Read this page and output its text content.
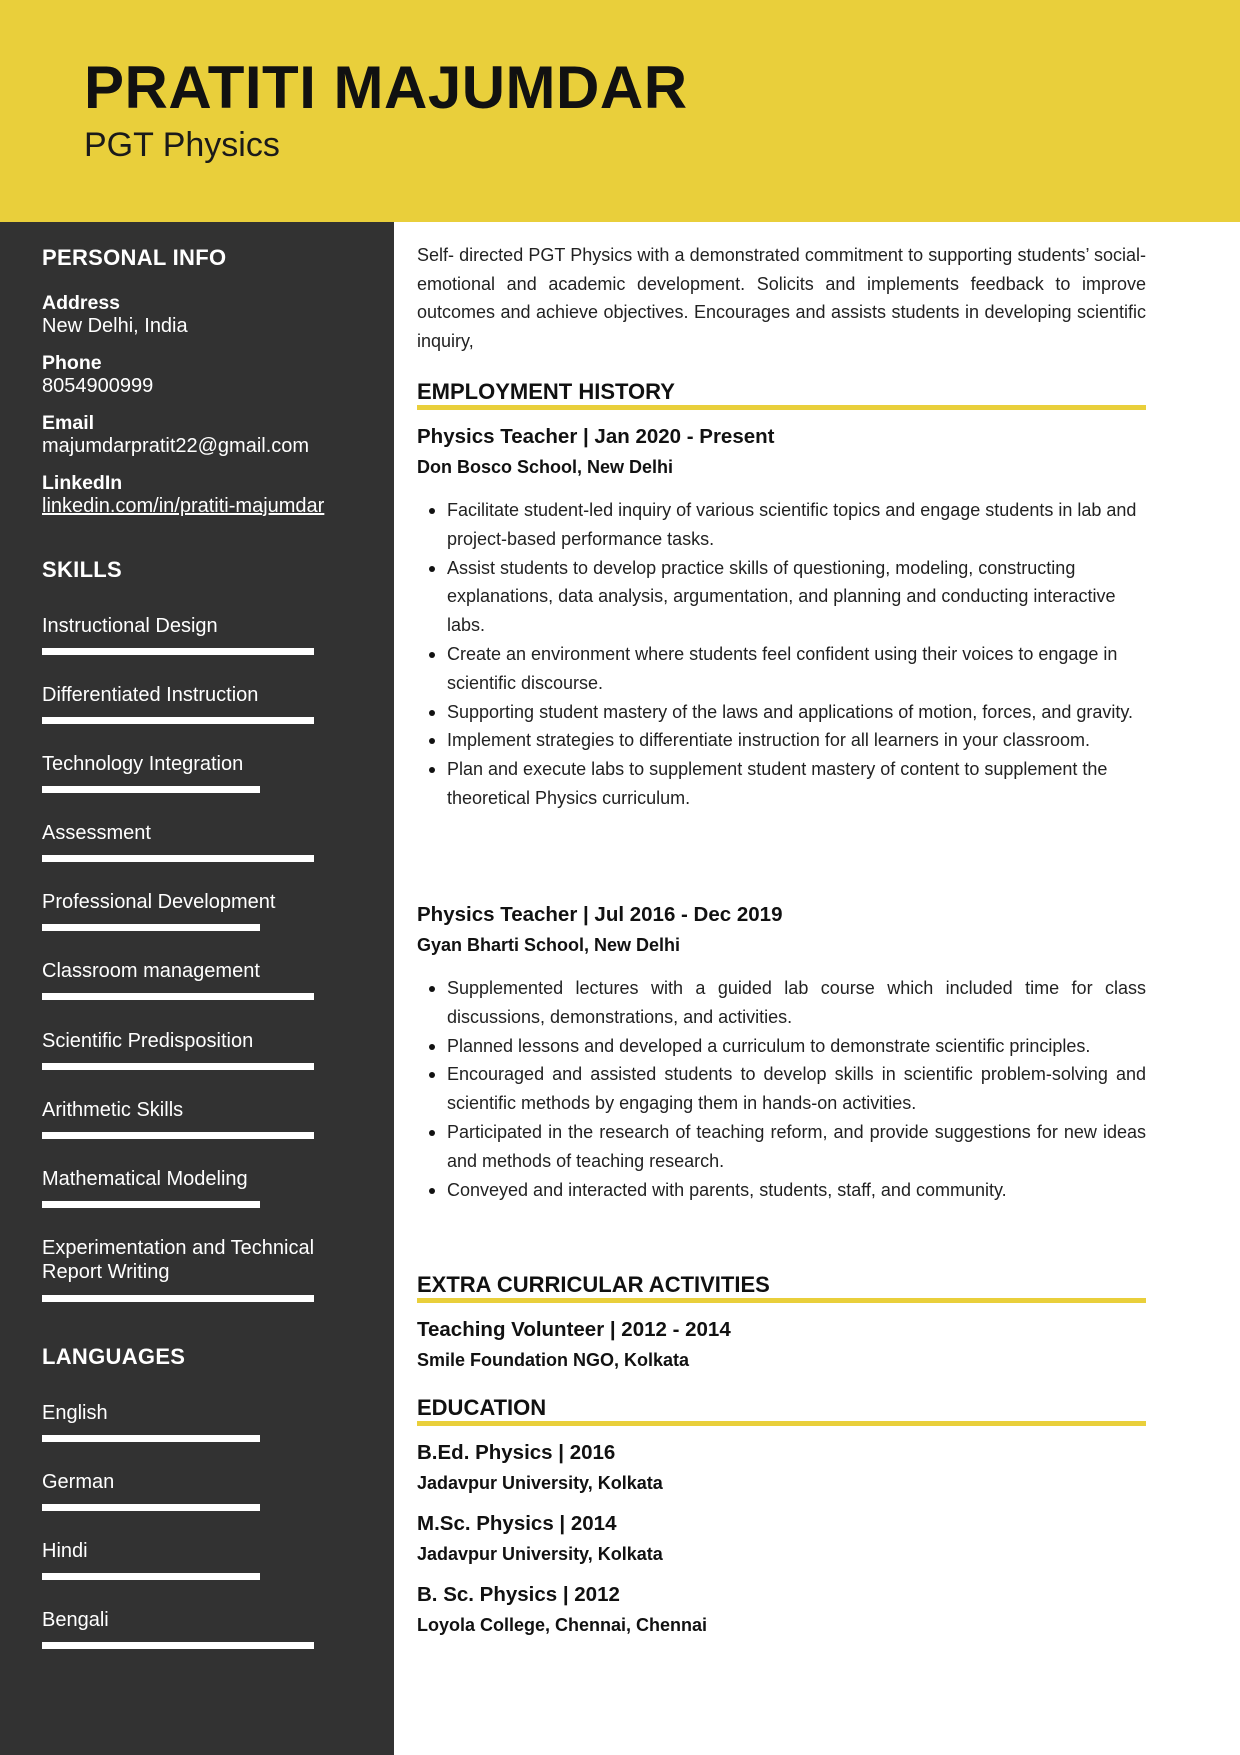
PRATITI MAJUMDAR
PGT Physics
PERSONAL INFO
Address
New Delhi, India
Phone
8054900999
Email
majumdarpratit22@gmail.com
LinkedIn
linkedin.com/in/pratiti-majumdar
SKILLS
Instructional Design
Differentiated Instruction
Technology Integration
Assessment
Professional Development
Classroom management
Scientific Predisposition
Arithmetic Skills
Mathematical Modeling
Experimentation and Technical Report Writing
LANGUAGES
English
German
Hindi
Bengali
Self- directed PGT Physics with a demonstrated commitment to supporting students’ social- emotional and academic development. Solicits and implements feedback to improve outcomes and achieve objectives. Encourages and assists students in developing scientific inquiry,
EMPLOYMENT HISTORY
Physics Teacher | Jan 2020 - Present
Don Bosco School, New Delhi
Facilitate student-led inquiry of various scientific topics and engage students in lab and project-based performance tasks.
Assist students to develop practice skills of questioning, modeling, constructing explanations, data analysis, argumentation, and planning and conducting interactive labs.
Create an environment where students feel confident using their voices to engage in scientific discourse.
Supporting student mastery of the laws and applications of motion, forces, and gravity.
Implement strategies to differentiate instruction for all learners in your classroom.
Plan and execute labs to supplement student mastery of content to supplement the theoretical Physics curriculum.
Physics Teacher | Jul 2016 - Dec 2019
Gyan Bharti School, New Delhi
Supplemented lectures with a guided lab course which included time for class discussions, demonstrations, and activities.
Planned lessons and developed a curriculum to demonstrate scientific principles.
Encouraged and assisted students to develop skills in scientific problem-solving and scientific methods by engaging them in hands-on activities.
Participated in the research of teaching reform, and provide suggestions for new ideas and methods of teaching research.
Conveyed and interacted with parents, students, staff, and community.
EXTRA CURRICULAR ACTIVITIES
Teaching Volunteer | 2012 - 2014
Smile Foundation NGO, Kolkata
EDUCATION
B.Ed. Physics | 2016
Jadavpur University, Kolkata
M.Sc. Physics | 2014
Jadavpur University, Kolkata
B. Sc. Physics | 2012
Loyola College, Chennai, Chennai
